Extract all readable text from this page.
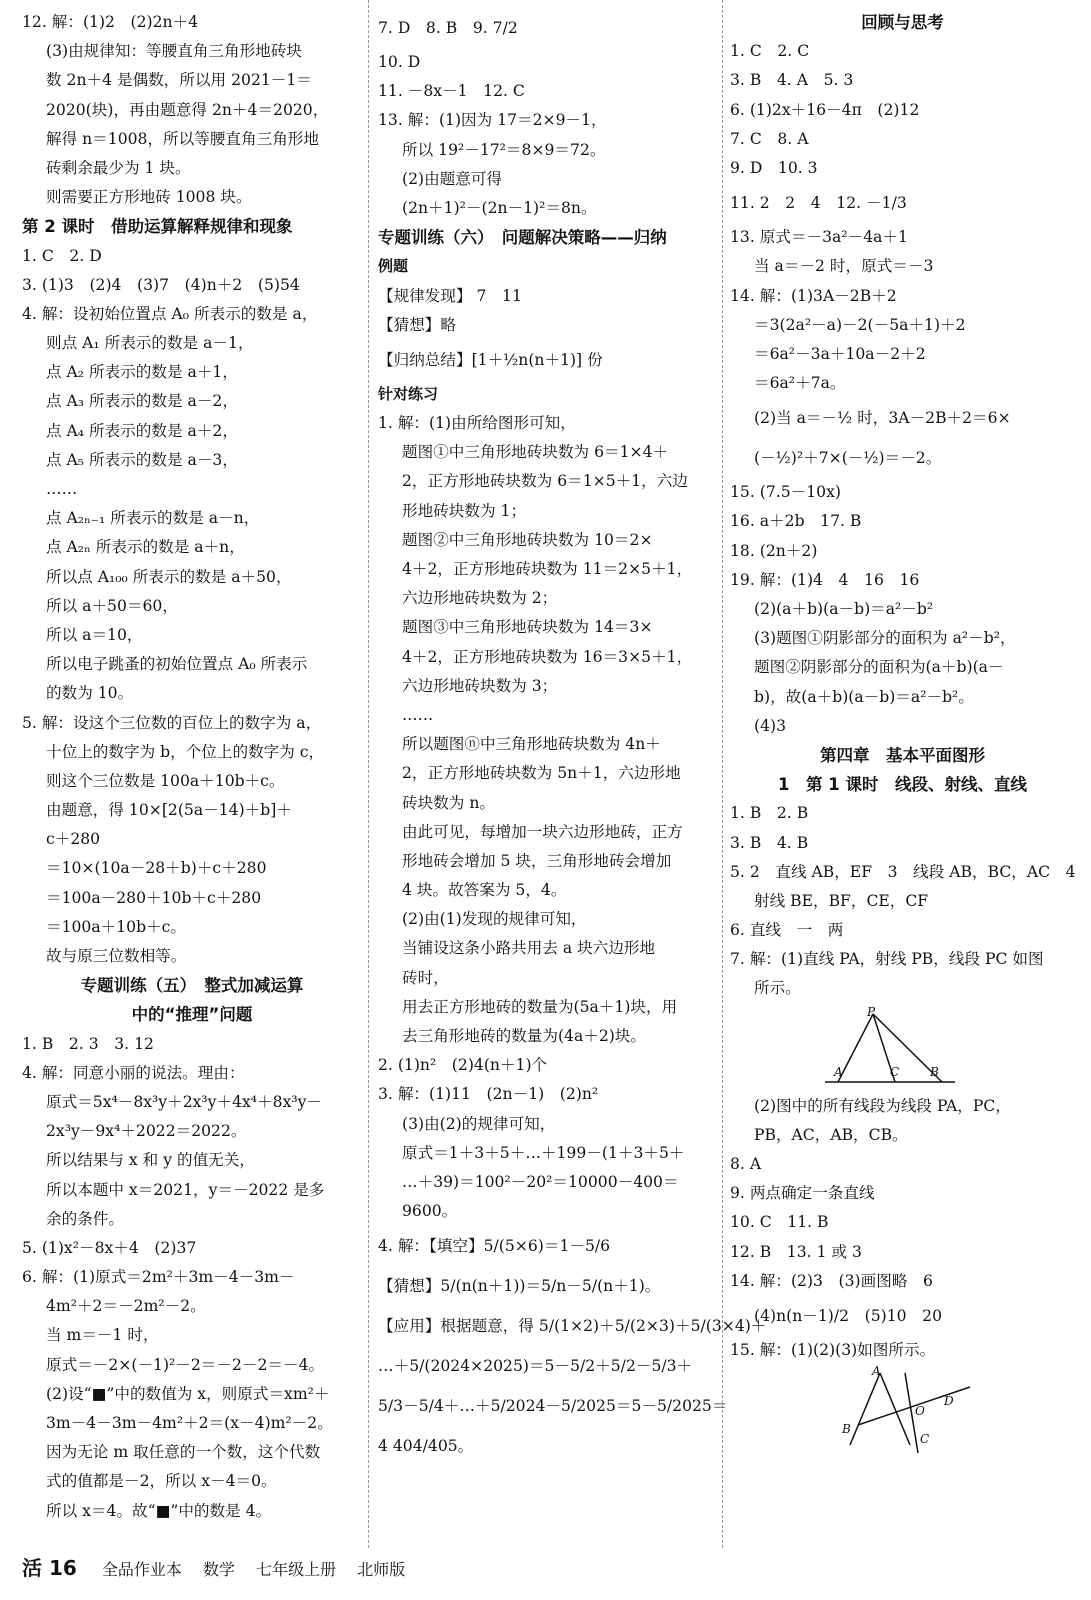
12. 解：(1)2　(2)2n＋4
(3)由规律知：等腰直角三角形地砖块
数 2n＋4 是偶数，所以用 2021－1＝
2020(块)，再由题意得 2n＋4＝2020，
解得 n＝1008，所以等腰直角三角形地
砖剩余最少为 1 块。
则需要正方形地砖 1008 块。
第 2 课时　借助运算解释规律和现象
1. C　2. D
3. (1)3　(2)4　(3)7　(4)n＋2　(5)54
4. 解：设初始位置点 A₀ 所表示的数是 a，
则点 A₁ 所表示的数是 a－1，
点 A₂ 所表示的数是 a＋1，
点 A₃ 所表示的数是 a－2，
点 A₄ 所表示的数是 a＋2，
点 A₅ 所表示的数是 a－3，
……
点 A₂ₙ₋₁ 所表示的数是 a－n，
点 A₂ₙ 所表示的数是 a＋n，
所以点 A₁₀₀ 所表示的数是 a＋50，
所以 a＋50＝60，
所以 a＝10，
所以电子跳蚤的初始位置点 A₀ 所表示
的数为 10。
5. 解：设这个三位数的百位上的数字为 a，
十位上的数字为 b，个位上的数字为 c，
则这个三位数是 100a＋10b＋c。
由题意，得 10×[2(5a－14)＋b]＋
c＋280
＝10×(10a－28＋b)＋c＋280
＝100a－280＋10b＋c＋280
＝100a＋10b＋c。
故与原三位数相等。
专题训练（五）　整式加减运算
中的“推理”问题
1. B　2. 3　3. 12
4. 解：同意小丽的说法。理由：
原式＝5x⁴－8x³y＋2x³y＋4x⁴＋8x³y－
2x³y－9x⁴＋2022＝2022。
所以结果与 x 和 y 的值无关，
所以本题中 x＝2021，y＝－2022 是多
余的条件。
5. (1)x²－8x＋4　(2)37
6. 解：(1)原式＝2m²＋3m－4－3m－
4m²＋2＝－2m²－2。
当 m＝－1 时，
原式＝－2×(－1)²－2＝－2－2＝－4。
(2)设“■”中的数值为 x，则原式＝xm²＋
3m－4－3m－4m²＋2＝(x－4)m²－2。
因为无论 m 取任意的一个数，这个代数
式的值都是－2，所以 x－4＝0。
所以 x＝4。故“■”中的数是 4。
7. D　8. B　9. 7/2
10. D
11. －8x－1　12. C
13. 解：(1)因为 17＝2×9－1，
所以 19²－17²＝8×9＝72。
(2)由题意可得
(2n＋1)²－(2n－1)²＝8n。
专题训练（六）　问题解决策略——归纳
例题
【规律发现】 7　11
【猜想】略
【归纳总结】[1＋½n(n＋1)] 份
针对练习
1. 解：(1)由所给图形可知，
题图①中三角形地砖块数为 6＝1×4＋
2，正方形地砖块数为 6＝1×5＋1，六边
形地砖块数为 1；
题图②中三角形地砖块数为 10＝2×
4＋2，正方形地砖块数为 11＝2×5＋1，
六边形地砖块数为 2；
题图③中三角形地砖块数为 14＝3×
4＋2，正方形地砖块数为 16＝3×5＋1，
六边形地砖块数为 3；
……
所以题图ⓝ中三角形地砖块数为 4n＋
2，正方形地砖块数为 5n＋1，六边形地
砖块数为 n。
由此可见，每增加一块六边形地砖，正方
形地砖会增加 5 块，三角形地砖会增加
4 块。故答案为 5，4。
(2)由(1)发现的规律可知，
当铺设这条小路共用去 a 块六边形地
砖时，
用去正方形地砖的数量为(5a＋1)块，用
去三角形地砖的数量为(4a＋2)块。
2. (1)n²　(2)4(n＋1)个
3. 解：(1)11　(2n－1)　(2)n²
(3)由(2)的规律可知，
原式＝1＋3＋5＋…＋199－(1＋3＋5＋
…＋39)＝100²－20²＝10000－400＝
9600。
4. 解：【填空】5/(5×6)＝1－5/6
【猜想】5/(n(n＋1))＝5/n－5/(n＋1)。
【应用】根据题意，得 5/(1×2)＋5/(2×3)＋5/(3×4)＋
…＋5/(2024×2025)＝5－5/2＋5/2－5/3＋
5/3－5/4＋…＋5/2024－5/2025＝5－5/2025＝
4 404/405。
回顾与思考
1. C　2. C
3. B　4. A　5. 3
6. (1)2x＋16－4π　(2)12
7. C　8. A
9. D　10. 3
11. 2　2　4　12. －1/3
13. 原式＝－3a²－4a＋1
当 a＝－2 时，原式＝－3
14. 解：(1)3A－2B＋2
＝3(2a²－a)－2(－5a＋1)＋2
＝6a²－3a＋10a－2＋2
＝6a²＋7a。
(2)当 a＝－½ 时，3A－2B＋2＝6×
(－½)²＋7×(－½)＝－2。
15. (7.5－10x)
16. a＋2b　17. B
18. (2n＋2)
19. 解：(1)4　4　16　16
(2)(a＋b)(a－b)＝a²－b²
(3)题图①阴影部分的面积为 a²－b²，
题图②阴影部分的面积为(a＋b)(a－
b)，故(a＋b)(a－b)＝a²－b²。
(4)3
第四章　基本平面图形
1　第 1 课时　线段、射线、直线
1. B　2. B
3. B　4. B
5. 2　直线 AB，EF　3　线段 AB，BC，AC　4
射线 BE，BF，CE，CF
6. 直线　一　两
7. 解：(1)直线 PA，射线 PB，线段 PC 如图
所示。
P
A	C	B
(2)图中的所有线段为线段 PA，PC，
PB，AC，AB，CB。
8. A
9. 两点确定一条直线
10. C　11. B
12. B　13. 1 或 3
14. 解：(2)3　(3)画图略　6
(4)n(n－1)/2　(5)10　20
15. 解：(1)(2)(3)如图所示。
A
D
O
B
C
活 16 全品作业本 数学 七年级上册 北师版
